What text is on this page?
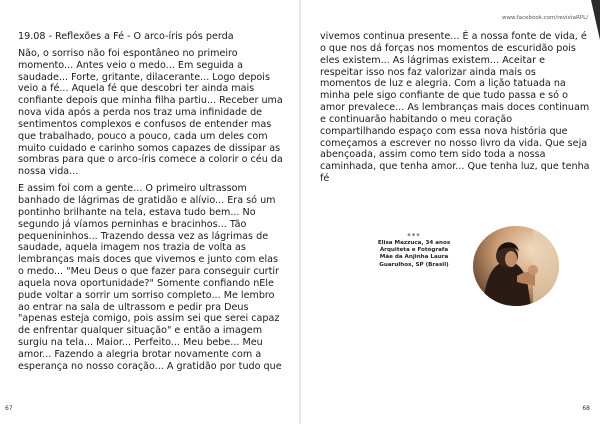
19.08 - Reflexões a Fé - O arco-íris pós perda

Não, o sorriso não foi espontâneo no primeiro momento... Antes veio o medo... Em seguida a saudade... Forte, gritante, dilacerante... Logo depois veio a fé... Aquela fé que descobri ter ainda mais confiante depois que minha filha partiu... Receber uma nova vida após a perda nos traz uma infinidade de sentimentos complexos e confusos de entender mas que trabalhado, pouco a pouco, cada um deles com muito cuidado e carinho somos capazes de dissipar as sombras para que o arco-íris comece a colorir o céu da nossa vida...

E assim foi com a gente... O primeiro ultrassom banhado de lágrimas de gratidão e alívio... Era só um pontinho brilhante na tela, estava tudo bem... No segundo já víamos perninhas e bracinhos... Tão pequenininhos... Trazendo dessa vez as lágrimas de saudade, aquela imagem nos trazia de volta as lembranças mais doces que vivemos e junto com elas o medo... "Meu Deus o que fazer para conseguir curtir aquela nova oportunidade?" Somente confiando nEle pude voltar a sorrir um sorriso completo... Me lembro ao entrar na sala de ultrassom e pedir pra Deus "apenas esteja comigo, pois assim sei que serei capaz de enfrentar qualquer situação" e então a imagem surgiu na tela... Maior... Perfeito... Meu bebe... Meu amor... Fazendo a alegria brotar novamente com a esperança no nosso coração... A gratidão por tudo que

67
www.facebook.com/revistaRPL/

vivemos continua presente... É a nossa fonte de vida, é o que nos dá forças nos momentos de escuridão pois eles existem... As lágrimas existem... Aceitar e respeitar isso nos faz valorizar ainda mais os momentos de luz e alegria. Com a lição tatuada na minha pele sigo confiante de que tudo passa e só o amor prevalece... As lembranças mais doces continuam e continuarão habitando o meu coração compartilhando espaço com essa nova história que começamos a escrever no nosso livro da vida. Que seja abençoada, assim como tem sido toda a nossa caminhada, que tenha amor... Que tenha luz, que tenha fé

***
Elisa Mazzuca, 34 anos
Arquiteta e Fotógrafa
Mãe da Anjinha Laura
Guarulhos, SP (Brasil)
68
